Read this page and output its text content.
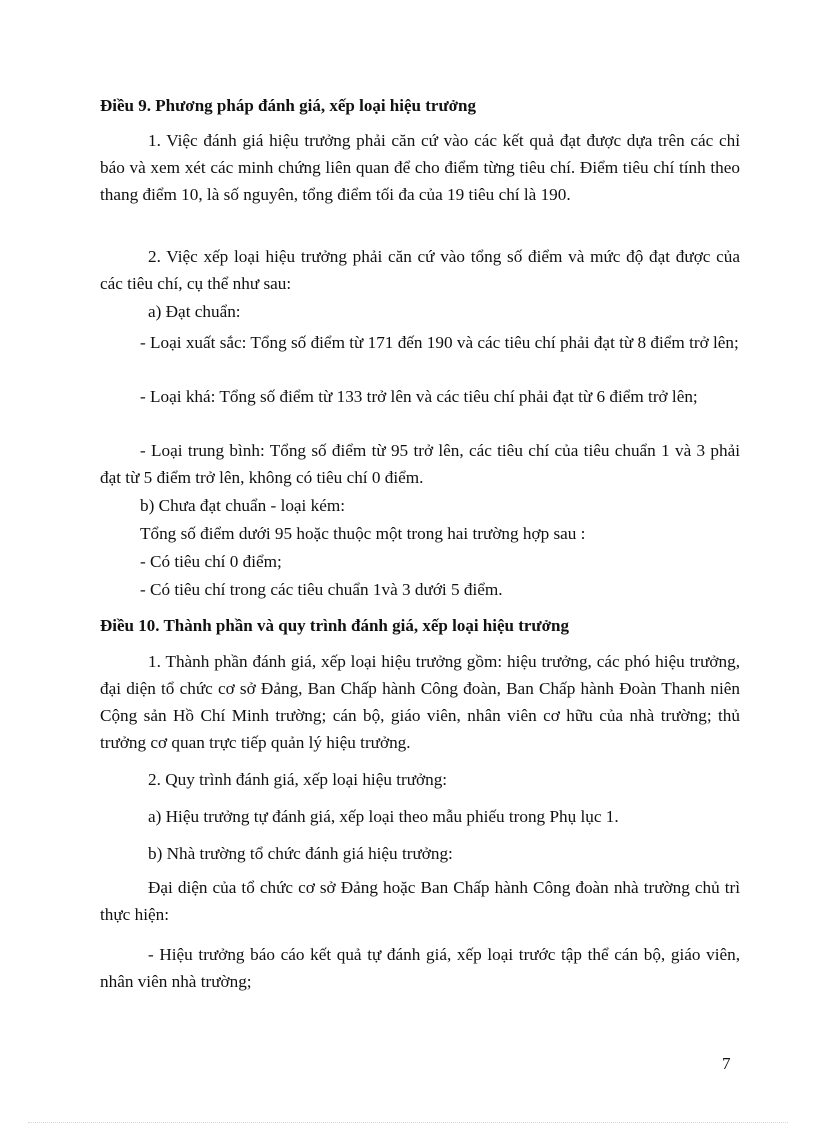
Điều 9. Phương pháp đánh giá, xếp loại hiệu trưởng
1. Việc đánh giá hiệu trưởng phải căn cứ vào các kết quả đạt được dựa trên các chỉ báo và xem xét các minh chứng liên quan để cho điểm từng tiêu chí. Điểm tiêu chí tính theo thang điểm 10, là số nguyên, tổng điểm tối đa của 19 tiêu chí là 190.
2. Việc xếp loại hiệu trưởng phải căn cứ vào tổng số điểm và mức độ đạt được của các tiêu chí, cụ thể như sau:
a) Đạt chuẩn:
- Loại xuất sắc: Tổng số điểm từ 171 đến 190 và các tiêu chí phải đạt từ 8 điểm trở lên;
- Loại khá: Tổng số điểm từ 133 trở lên và các tiêu chí phải đạt từ 6 điểm trở lên;
- Loại trung bình: Tổng số điểm từ 95 trở lên, các tiêu chí của tiêu chuẩn 1 và 3 phải đạt từ 5 điểm trở lên, không có tiêu chí 0 điểm.
b) Chưa đạt chuẩn - loại kém:
Tổng số điểm dưới 95 hoặc thuộc một trong hai trường hợp sau :
- Có tiêu chí 0 điểm;
- Có tiêu chí trong các tiêu chuẩn 1và 3 dưới 5 điểm.
Điều 10. Thành phần và quy trình đánh giá, xếp loại hiệu trưởng
1. Thành phần đánh giá, xếp loại hiệu trưởng gồm: hiệu trưởng, các phó hiệu trưởng, đại diện tổ chức cơ sở Đảng, Ban Chấp hành Công đoàn, Ban Chấp hành Đoàn Thanh niên Cộng sản Hồ Chí Minh trường; cán bộ, giáo viên, nhân viên cơ hữu của nhà trường; thủ trưởng cơ quan trực tiếp quản lý hiệu trưởng.
2. Quy trình đánh giá, xếp loại hiệu trưởng:
a) Hiệu trưởng tự đánh giá, xếp loại theo mẫu phiếu trong Phụ lục 1.
b) Nhà trường tổ chức đánh giá hiệu trưởng:
Đại diện của tổ chức cơ sở Đảng hoặc Ban Chấp hành Công đoàn nhà trường chủ trì thực hiện:
- Hiệu trưởng báo cáo kết quả tự đánh giá, xếp loại trước tập thể cán bộ, giáo viên, nhân viên nhà trường;
7
